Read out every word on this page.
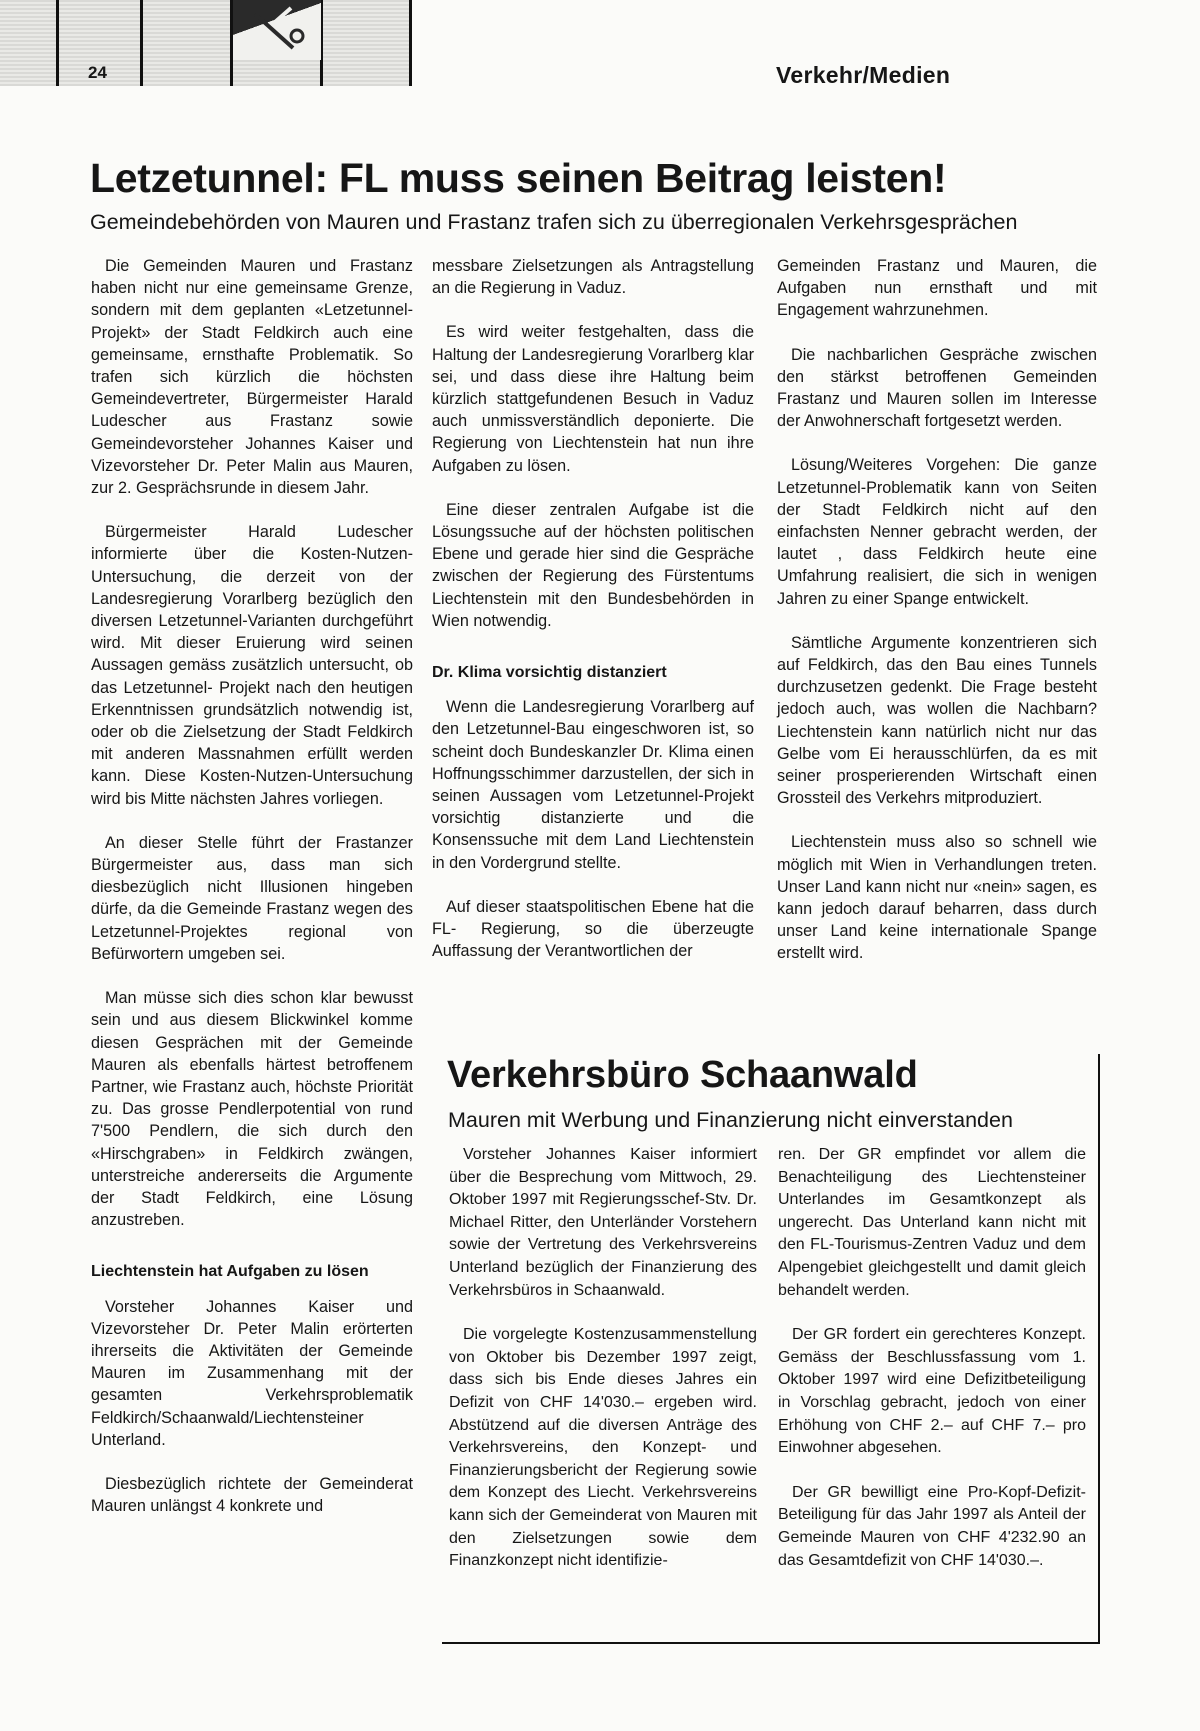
24	Verkehr/Medien
Letzetunnel: FL muss seinen Beitrag leisten!
Gemeindebehörden von Mauren und Frastanz trafen sich zu überregionalen Verkehrsgesprächen

Die Gemeinden Mauren und Frastanz haben nicht nur eine gemeinsame Grenze, sondern mit dem geplanten «Letzetunnel-Projekt» der Stadt Feldkirch auch eine gemeinsame, ernsthafte Problematik. So trafen sich kürzlich die höchsten Gemeindevertreter, Bürgermeister Harald Ludescher aus Frastanz sowie Gemeindevorsteher Johannes Kaiser und Vizevorsteher Dr. Peter Malin aus Mauren, zur 2. Gesprächsrunde in diesem Jahr.

Bürgermeister Harald Ludescher informierte über die Kosten-Nutzen-Untersuchung, die derzeit von der Landesregierung Vorarlberg bezüglich den diversen Letzetunnel-Varianten durchgeführt wird. Mit dieser Eruierung wird seinen Aussagen gemäss zusätzlich untersucht, ob das Letzetunnel- Projekt nach den heutigen Erkenntnissen grundsätzlich notwendig ist, oder ob die Zielsetzung der Stadt Feldkirch mit anderen Massnahmen erfüllt werden kann. Diese Kosten-Nutzen-Untersuchung wird bis Mitte nächsten Jahres vorliegen.

An dieser Stelle führt der Frastanzer Bürgermeister aus, dass man sich diesbezüglich nicht Illusionen hingeben dürfe, da die Gemeinde Frastanz wegen des Letzetunnel-Projektes regional von Befürwortern umgeben sei.

Man müsse sich dies schon klar bewusst sein und aus diesem Blickwinkel komme diesen Gesprächen mit der Gemeinde Mauren als ebenfalls härtest betroffenem Partner, wie Frastanz auch, höchste Priorität zu. Das grosse Pendlerpotential von rund 7'500 Pendlern, die sich durch den «Hirschgraben» in Feldkirch zwängen, unterstreiche andererseits die Argumente der Stadt Feldkirch, eine Lösung anzustreben.

Liechtenstein hat Aufgaben zu lösen

Vorsteher Johannes Kaiser und Vizevorsteher Dr. Peter Malin erörterten ihrerseits die Aktivitäten der Gemeinde Mauren im Zusammenhang mit der gesamten Verkehrsproblematik Feldkirch/Schaanwald/Liechtensteiner Unterland.

Diesbezüglich richtete der Gemeinderat Mauren unlängst 4 konkrete und

messbare Zielsetzungen als Antragstellung an die Regierung in Vaduz.

Es wird weiter festgehalten, dass die Haltung der Landesregierung Vorarlberg klar sei, und dass diese ihre Haltung beim kürzlich stattgefundenen Besuch in Vaduz auch unmissverständlich deponierte. Die Regierung von Liechtenstein hat nun ihre Aufgaben zu lösen.

Eine dieser zentralen Aufgabe ist die Lösungssuche auf der höchsten politischen Ebene und gerade hier sind die Gespräche zwischen der Regierung des Fürstentums Liechtenstein mit den Bundesbehörden in Wien notwendig.

Dr. Klima vorsichtig distanziert

Wenn die Landesregierung Vorarlberg auf den Letzetunnel-Bau eingeschworen ist, so scheint doch Bundeskanzler Dr. Klima einen Hoffnungsschimmer darzustellen, der sich in seinen Aussagen vom Letzetunnel-Projekt vorsichtig distanzierte und die Konsenssuche mit dem Land Liechtenstein in den Vordergrund stellte.

Auf dieser staatspolitischen Ebene hat die FL- Regierung, so die überzeugte Auffassung der Verantwortlichen der

Gemeinden Frastanz und Mauren, die Aufgaben nun ernsthaft und mit Engagement wahrzunehmen.

Die nachbarlichen Gespräche zwischen den stärkst betroffenen Gemeinden Frastanz und Mauren sollen im Interesse der Anwohnerschaft fortgesetzt werden.

Lösung/Weiteres Vorgehen: Die ganze Letzetunnel-Problematik kann von Seiten der Stadt Feldkirch nicht auf den einfachsten Nenner gebracht werden, der lautet , dass Feldkirch heute eine Umfahrung realisiert, die sich in wenigen Jahren zu einer Spange entwickelt.

Sämtliche Argumente konzentrieren sich auf Feldkirch, das den Bau eines Tunnels durchzusetzen gedenkt. Die Frage besteht jedoch auch, was wollen die Nachbarn? Liechtenstein kann natürlich nicht nur das Gelbe vom Ei herausschlürfen, da es mit seiner prosperierenden Wirtschaft einen Grossteil des Verkehrs mitproduziert.

Liechtenstein muss also so schnell wie möglich mit Wien in Verhandlungen treten. Unser Land kann nicht nur «nein» sagen, es kann jedoch darauf beharren, dass durch unser Land keine internationale Spange erstellt wird.

Verkehrsbüro Schaanwald
Mauren mit Werbung und Finanzierung nicht einverstanden

Vorsteher Johannes Kaiser informiert über die Besprechung vom Mittwoch, 29. Oktober 1997 mit Regierungsschef-Stv. Dr. Michael Ritter, den Unterländer Vorstehern sowie der Vertretung des Verkehrsvereins Unterland bezüglich der Finanzierung des Verkehrsbüros in Schaanwald.

Die vorgelegte Kostenzusammenstellung von Oktober bis Dezember 1997 zeigt, dass sich bis Ende dieses Jahres ein Defizit von CHF 14'030.– ergeben wird. Abstützend auf die diversen Anträge des Verkehrsvereins, den Konzept- und Finanzierungsbericht der Regierung sowie dem Konzept des Liecht. Verkehrsvereins kann sich der Gemeinderat von Mauren mit den Zielsetzungen sowie dem Finanzkonzept nicht identifizie-

ren. Der GR empfindet vor allem die Benachteiligung des Liechtensteiner Unterlandes im Gesamtkonzept als ungerecht. Das Unterland kann nicht mit den FL-Tourismus-Zentren Vaduz und dem Alpengebiet gleichgestellt und damit gleich behandelt werden.

Der GR fordert ein gerechteres Konzept. Gemäss der Beschlussfassung vom 1. Oktober 1997 wird eine Defizitbeteiligung in Vorschlag gebracht, jedoch von einer Erhöhung von CHF 2.– auf CHF 7.– pro Einwohner abgesehen.

Der GR bewilligt eine Pro-Kopf-Defizit-Beteiligung für das Jahr 1997 als Anteil der Gemeinde Mauren von CHF 4'232.90 an das Gesamtdefizit von CHF 14'030.–.
